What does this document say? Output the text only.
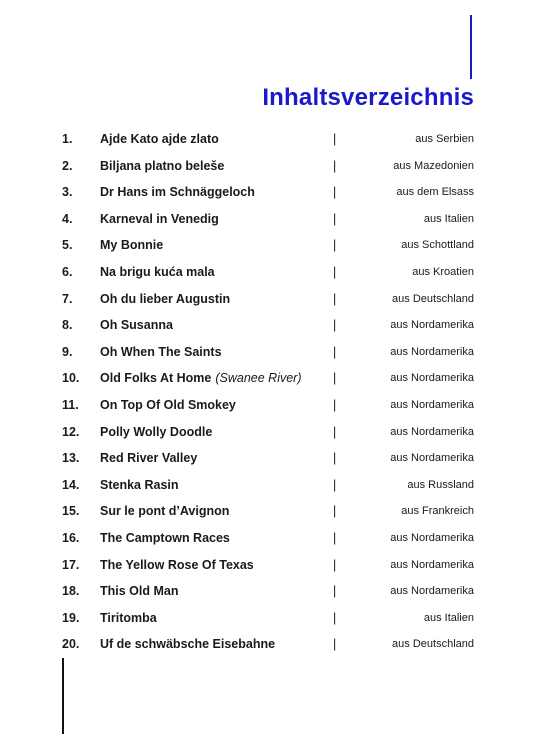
Inhaltsverzeichnis
1. Ajde Kato ajde zlato	|	aus Serbien
2. Biljana platno beleše	|	aus Mazedonien
3. Dr Hans im Schnäggeloch	|	aus dem Elsass
4. Karneval in Venedig	|	aus Italien
5. My Bonnie	|	aus Schottland
6. Na brigu kuća mala	|	aus Kroatien
7. Oh du lieber Augustin	|	aus Deutschland
8. Oh Susanna	|	aus Nordamerika
9. Oh When The Saints	|	aus Nordamerika
10. Old Folks At Home (Swanee River)	|	aus Nordamerika
11. On Top Of Old Smokey	|	aus Nordamerika
12. Polly Wolly Doodle	|	aus Nordamerika
13. Red River Valley	|	aus Nordamerika
14. Stenka Rasin	|	aus Russland
15. Sur le pont d’Avignon	|	aus Frankreich
16. The Camptown Races	|	aus Nordamerika
17. The Yellow Rose Of Texas	|	aus Nordamerika
18. This Old Man	|	aus Nordamerika
19. Tiritomba	|	aus Italien
20. Uf de schwäbsche Eisebahne	|	aus Deutschland
